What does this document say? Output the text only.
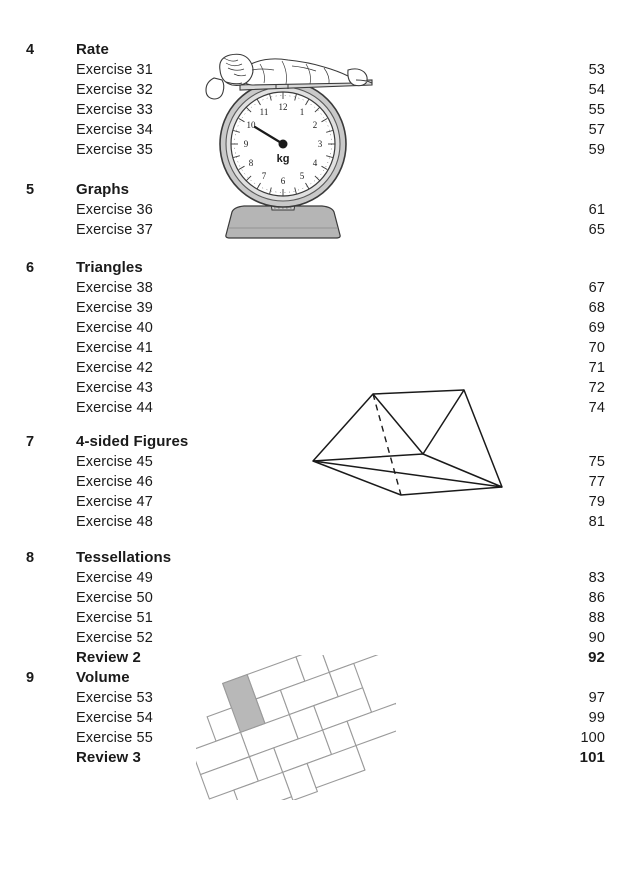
4	Rate
Exercise 31	53
Exercise 32	54
Exercise 33	55
Exercise 34	57
Exercise 35	59
5	Graphs
Exercise 36	61
Exercise 37	65
6	Triangles
Exercise 38	67
Exercise 39	68
Exercise 40	69
Exercise 41	70
Exercise 42	71
Exercise 43	72
Exercise 44	74
7	4-sided Figures
Exercise 45	75
Exercise 46	77
Exercise 47	79
Exercise 48	81
8	Tessellations
Exercise 49	83
Exercise 50	86
Exercise 51	88
Exercise 52	90
Review 2	92
9	Volume
Exercise 53	97
Exercise 54	99
Exercise 55	100
Review 3	101
12 1
2
3
4
5
6
7
8
9
10
11
kg
